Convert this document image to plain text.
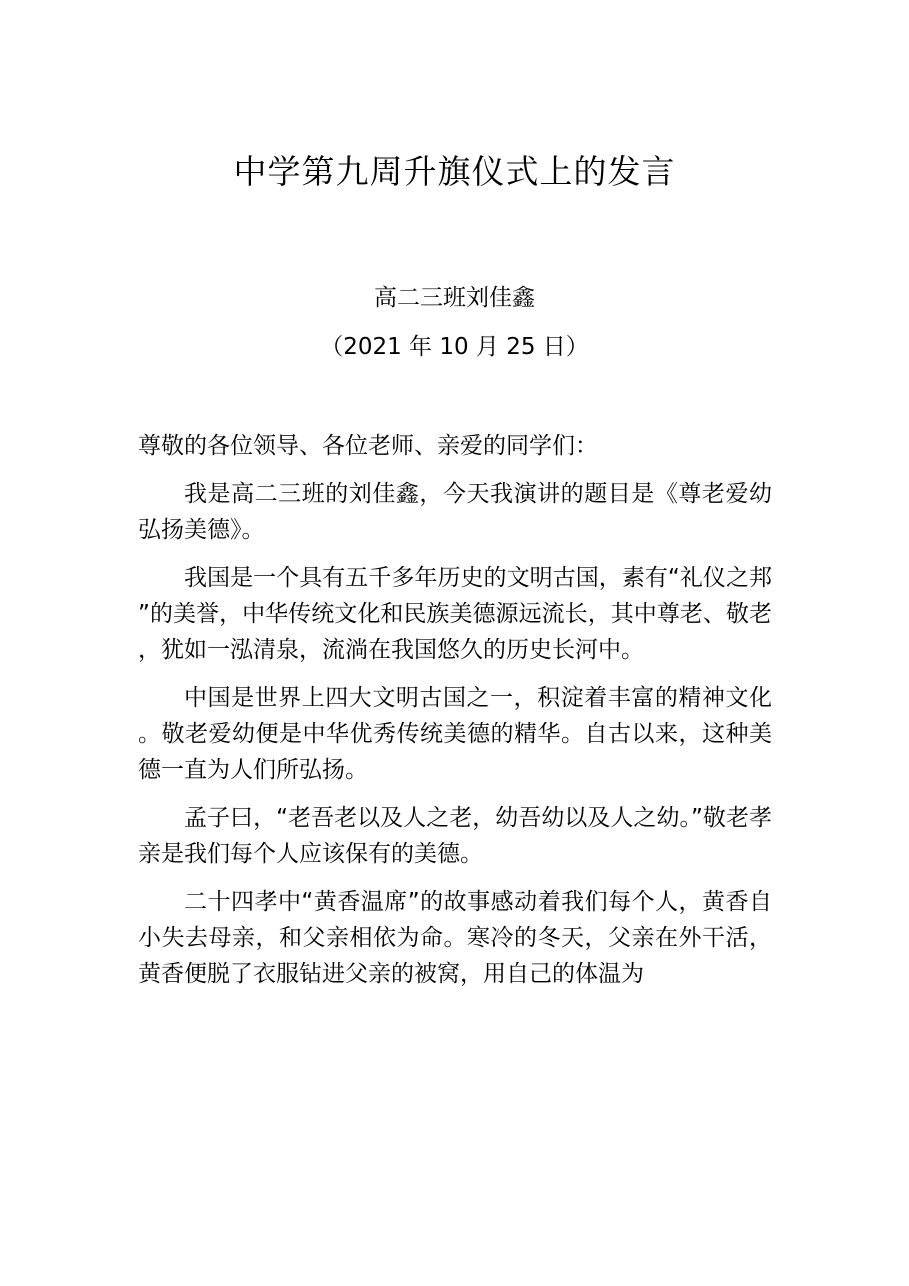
中学第九周升旗仪式上的发言
高二三班刘佳鑫
（2021 年 10 月 25 日）

尊敬的各位领导、各位老师、亲爱的同学们：

我是高二三班的刘佳鑫，今天我演讲的题目是《尊老爱幼弘扬美德》。

我国是一个具有五千多年历史的文明古国，素有“礼仪之邦”的美誉，中华传统文化和民族美德源远流长，其中尊老、敬老，犹如一泓清泉，流淌在我国悠久的历史长河中。

中国是世界上四大文明古国之一，积淀着丰富的精神文化。敬老爱幼便是中华优秀传统美德的精华。自古以来，这种美德一直为人们所弘扬。

孟子曰，“老吾老以及人之老，幼吾幼以及人之幼。”敬老孝亲是我们每个人应该保有的美德。

二十四孝中“黄香温席”的故事感动着我们每个人，黄香自小失去母亲，和父亲相依为命。寒冷的冬天，父亲在外干活，黄香便脱了衣服钻进父亲的被窝，用自己的体温为
